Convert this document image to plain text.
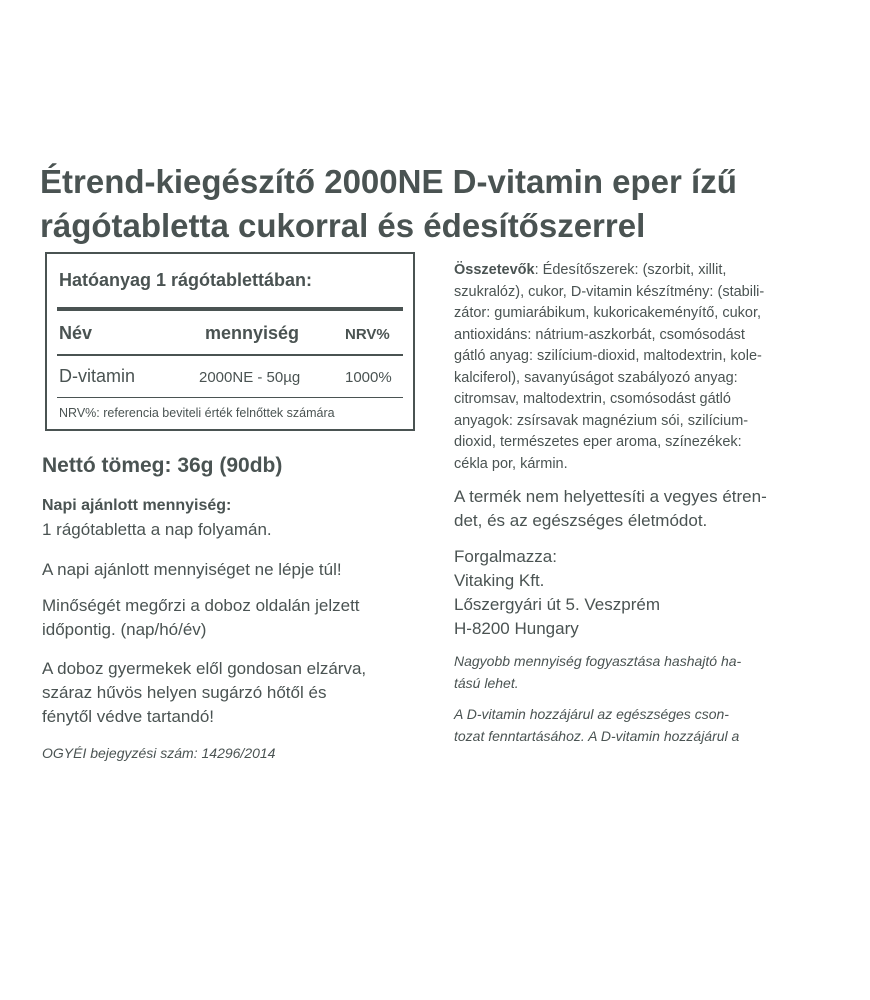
Étrend-kiegészítő 2000NE D-vitamin eper ízű
rágótabletta cukorral és édesítőszerrel
Hatóanyag 1 rágótablettában:
Név	mennyiség	NRV%
D-vitamin	2000NE - 50µg	1000%
NRV%: referencia beviteli érték felnőttek számára
Nettó tömeg: 36g (90db)
Napi ajánlott mennyiség:
1 rágótabletta a nap folyamán.
A napi ajánlott mennyiséget ne lépje túl!
Minőségét megőrzi a doboz oldalán jelzett
időpontig. (nap/hó/év)
A doboz gyermekek elől gondosan elzárva,
száraz hűvös helyen sugárzó hőtől és
fénytől védve tartandó!
OGYÉI bejegyzési szám: 14296/2014
Összetevők: Édesítőszerek: (szorbit, xillit,
szukralóz), cukor, D-vitamin készítmény: (stabili-
zátor: gumiarábikum, kukoricakeményítő, cukor,
antioxidáns: nátrium-aszkorbát, csomósodást
gátló anyag: szilícium-dioxid, maltodextrin, kole-
kalciferol), savanyúságot szabályozó anyag:
citromsav, maltodextrin, csomósodást gátló
anyagok: zsírsavak magnézium sói, szilícium-
dioxid, természetes eper aroma, színezékek:
cékla por, kármin.
A termék nem helyettesíti a vegyes étren-
det, és az egészséges életmódot.
Forgalmazza:
Vitaking Kft.
Lőszergyári út 5. Veszprém
H-8200 Hungary
Nagyobb mennyiség fogyasztása hashajtó ha-
tású lehet.
A D-vitamin hozzájárul az egészséges cson-
tozat fenntartásához. A D-vitamin hozzájárul a
